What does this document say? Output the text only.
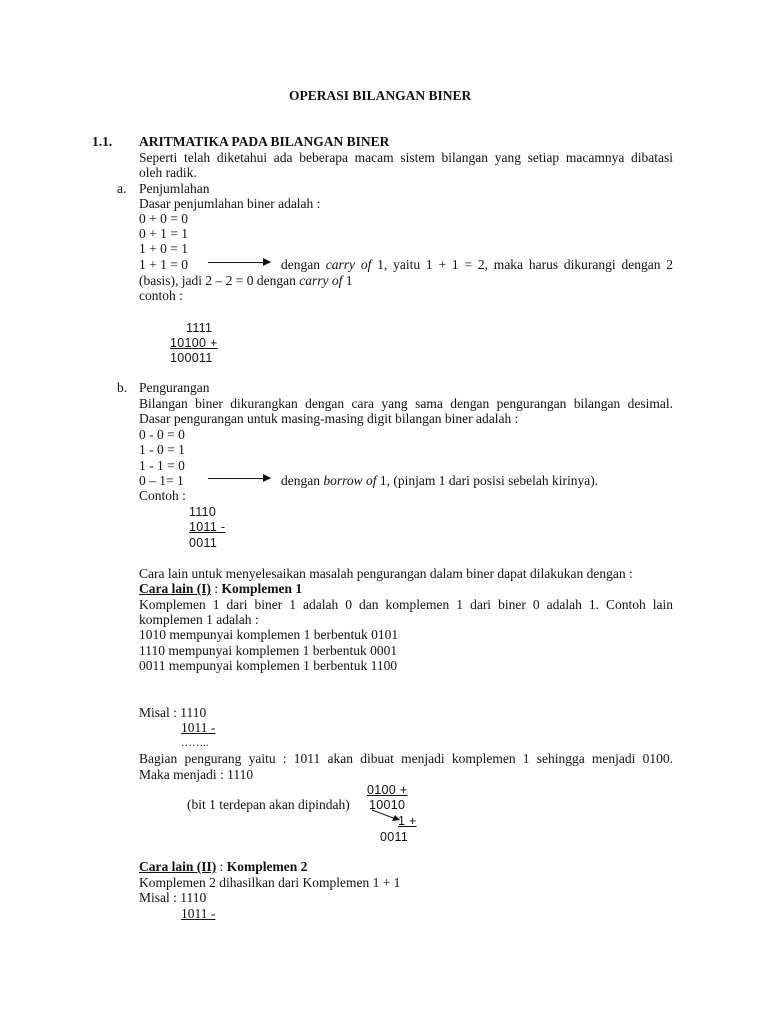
OPERASI BILANGAN BINER
1.1. ARITMATIKA PADA BILANGAN BINER
Seperti telah diketahui ada beberapa macam sistem bilangan yang setiap macamnya dibatasi
oleh radik.
a. Penjumlahan
Dasar penjumlahan biner adalah :
0 + 0 = 0
0 + 1 = 1
1 + 0 = 1
1 + 1 = 0	dengan carry of 1, yaitu 1 + 1 = 2, maka harus dikurangi dengan 2
(basis), jadi 2 – 2 = 0 dengan carry of 1
contoh :
1111
10100 +
100011
b. Pengurangan
Bilangan biner dikurangkan dengan cara yang sama dengan pengurangan bilangan desimal.
Dasar pengurangan untuk masing-masing digit bilangan biner adalah :
0 - 0 = 0
1 - 0 = 1
1 - 1 = 0
0 – 1= 1	dengan borrow of 1, (pinjam 1 dari posisi sebelah kirinya).
Contoh :
1110
1011 -
0011
Cara lain untuk menyelesaikan masalah pengurangan dalam biner dapat dilakukan dengan :
Cara lain (I) : Komplemen 1
Komplemen 1 dari biner 1 adalah 0 dan komplemen 1 dari biner 0 adalah 1. Contoh lain
komplemen 1 adalah :
1010 mempunyai komplemen 1 berbentuk 0101
1110 mempunyai komplemen 1 berbentuk 0001
0011 mempunyai komplemen 1 berbentuk 1100
Misal : 1110
1011 -
……..
Bagian pengurang yaitu : 1011 akan dibuat menjadi komplemen 1 sehingga menjadi 0100.
Maka menjadi : 1110
0100 +
(bit 1 terdepan akan dipindah) 10010
1 +
0011
Cara lain (II) : Komplemen 2
Komplemen 2 dihasilkan dari Komplemen 1 + 1
Misal : 1110
1011 -
